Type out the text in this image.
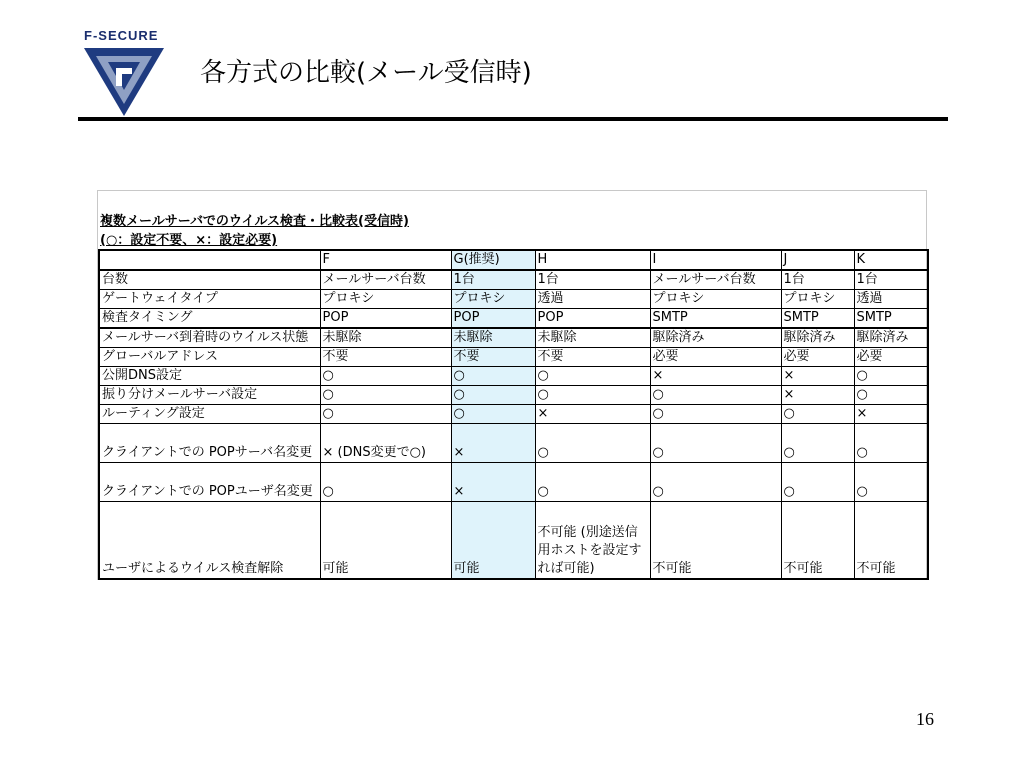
F-SECURE
各方式の比較(メール受信時)
複数メールサーバでのウイルス検査・比較表(受信時)
(○：設定不要、×：設定必要)
	F	G(推奨)	H	I	J	K
台数	メールサーバ台数	1台	1台	メールサーバ台数	1台	1台
ゲートウェイタイプ	プロキシ	プロキシ	透過	プロキシ	プロキシ	透過
検査タイミング	POP	POP	POP	SMTP	SMTP	SMTP
メールサーバ到着時のウイルス状態	未駆除	未駆除	未駆除	駆除済み	駆除済み	駆除済み
グローバルアドレス	不要	不要	不要	必要	必要	必要
公開DNS設定	○	○	○	×	×	○
振り分けメールサーバ設定	○	○	○	○	×	○
ルーティング設定	○	○	×	○	○	×
クライアントでの POPサーバ名変更	× (DNS変更で○)	×	○	○	○	○
クライアントでの POPユーザ名変更	○	×	○	○	○	○
ユーザによるウイルス検査解除	可能	可能	不可能 (別途送信用ホストを設定すれば可能)	不可能	不可能	不可能
16
